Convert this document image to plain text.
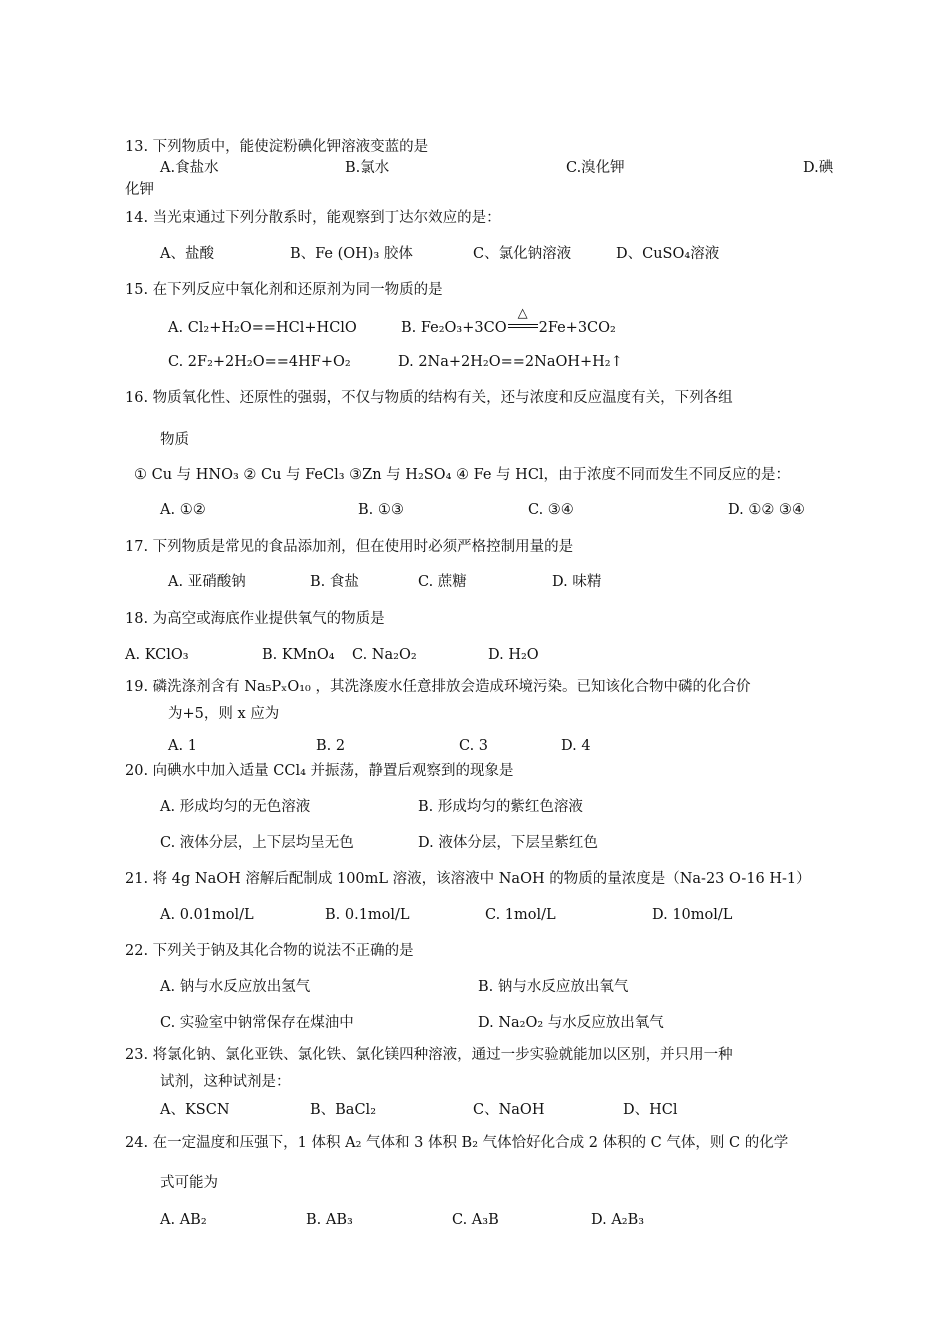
13. 下列物质中，能使淀粉碘化钾溶液变蓝的是
A.食盐水	B.氯水	C.溴化钾	D.碘
化钾
14. 当光束通过下列分散系时，能观察到丁达尔效应的是：
A、盐酸	B、Fe (OH)₃ 胶体	C、氯化钠溶液	D、CuSO₄溶液
15. 在下列反应中氧化剂和还原剂为同一物质的是
A. Cl₂+H₂O==HCl+HClO	B. Fe₂O₃+3CO
△
2Fe+3CO₂
C. 2F₂+2H₂O==4HF+O₂	D. 2Na+2H₂O==2NaOH+H₂↑
16. 物质氧化性、还原性的强弱，不仅与物质的结构有关，还与浓度和反应温度有关，下列各组
物质
① Cu 与 HNO₃ ② Cu 与 FeCl₃ ③Zn 与 H₂SO₄ ④ Fe 与 HCl，由于浓度不同而发生不同反应的是：
A. ①②	B. ①③	C. ③④	D. ①② ③④
17. 下列物质是常见的食品添加剂，但在使用时必须严格控制用量的是
A. 亚硝酸钠	B. 食盐	C. 蔗糖	D. 味精
18. 为高空或海底作业提供氧气的物质是
A. KClO₃	B. KMnO₄ C. Na₂O₂	D. H₂O
19. 磷洗涤剂含有 Na₅PₓO₁₀ ，其洗涤废水任意排放会造成环境污染。已知该化合物中磷的化合价
为+5，则 x 应为
A. 1	B. 2	C. 3	D. 4
20. 向碘水中加入适量 CCl₄ 并振荡，静置后观察到的现象是
A. 形成均匀的无色溶液	B. 形成均匀的紫红色溶液
C. 液体分层，上下层均呈无色	D. 液体分层，下层呈紫红色
21. 将 4g NaOH 溶解后配制成 100mL 溶液，该溶液中 NaOH 的物质的量浓度是（Na-23 O-16 H-1）
A. 0.01mol/L	B. 0.1mol/L	C. 1mol/L	D. 10mol/L
22. 下列关于钠及其化合物的说法不正确的是
A. 钠与水反应放出氢气	B. 钠与水反应放出氧气
C. 实验室中钠常保存在煤油中	D. Na₂O₂ 与水反应放出氧气
23. 将氯化钠、氯化亚铁、氯化铁、氯化镁四种溶液，通过一步实验就能加以区别，并只用一种
试剂，这种试剂是：
A、KSCN	B、BaCl₂	C、NaOH	D、HCl
24. 在一定温度和压强下，1 体积 A₂ 气体和 3 体积 B₂ 气体恰好化合成 2 体积的 C 气体，则 C 的化学
式可能为
A. AB₂	B. AB₃	C. A₃B	D. A₂B₃
